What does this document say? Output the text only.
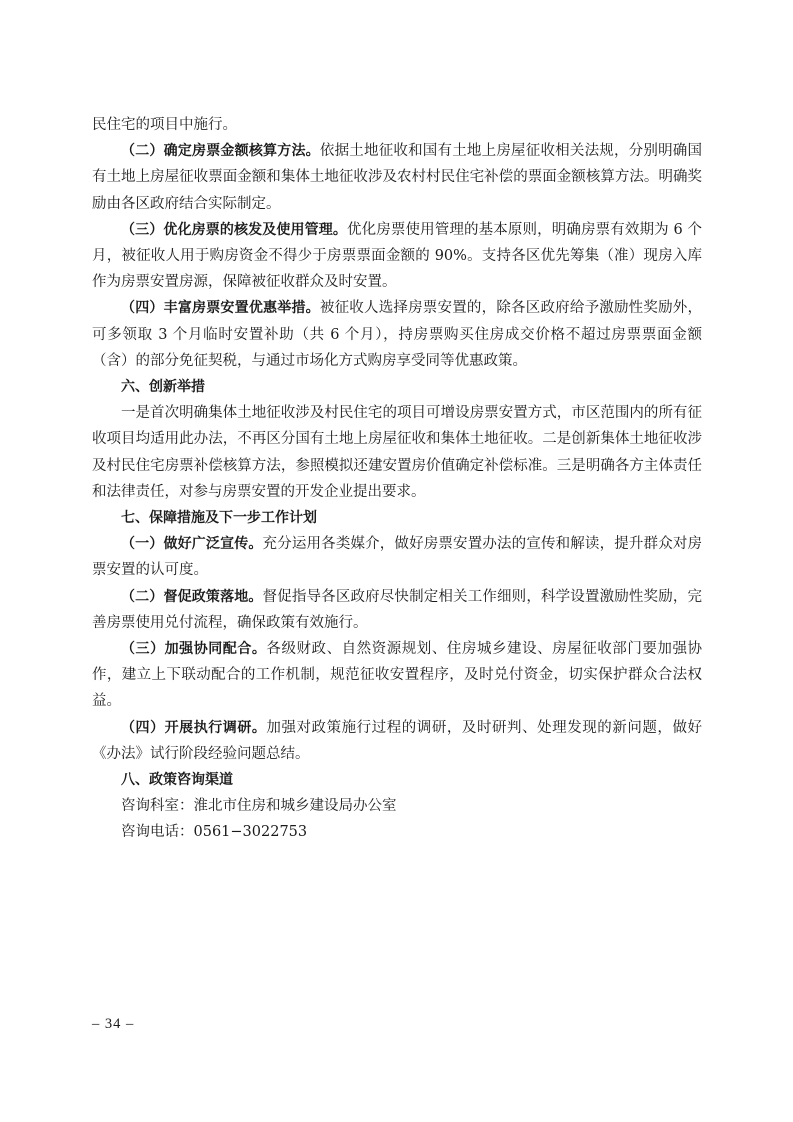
民住宅的项目中施行。

（二）确定房票金额核算方法。依据土地征收和国有土地上房屋征收相关法规，分别明确国有土地上房屋征收票面金额和集体土地征收涉及农村村民住宅补偿的票面金额核算方法。明确奖励由各区政府结合实际制定。

（三）优化房票的核发及使用管理。优化房票使用管理的基本原则，明确房票有效期为 6 个月，被征收人用于购房资金不得少于房票票面金额的 90%。支持各区优先筹集（准）现房入库作为房票安置房源，保障被征收群众及时安置。

（四）丰富房票安置优惠举措。被征收人选择房票安置的，除各区政府给予激励性奖励外，可多领取 3 个月临时安置补助（共 6 个月），持房票购买住房成交价格不超过房票票面金额（含）的部分免征契税，与通过市场化方式购房享受同等优惠政策。

六、创新举措

一是首次明确集体土地征收涉及村民住宅的项目可增设房票安置方式，市区范围内的所有征收项目均适用此办法，不再区分国有土地上房屋征收和集体土地征收。二是创新集体土地征收涉及村民住宅房票补偿核算方法，参照模拟还建安置房价值确定补偿标准。三是明确各方主体责任和法律责任，对参与房票安置的开发企业提出要求。

七、保障措施及下一步工作计划

（一）做好广泛宣传。充分运用各类媒介，做好房票安置办法的宣传和解读，提升群众对房票安置的认可度。

（二）督促政策落地。督促指导各区政府尽快制定相关工作细则，科学设置激励性奖励，完善房票使用兑付流程，确保政策有效施行。

（三）加强协同配合。各级财政、自然资源规划、住房城乡建设、房屋征收部门要加强协作，建立上下联动配合的工作机制，规范征收安置程序，及时兑付资金，切实保护群众合法权益。

（四）开展执行调研。加强对政策施行过程的调研，及时研判、处理发现的新问题，做好《办法》试行阶段经验问题总结。

八、政策咨询渠道

咨询科室：淮北市住房和城乡建设局办公室

咨询电话：0561−3022753

– 34 –
